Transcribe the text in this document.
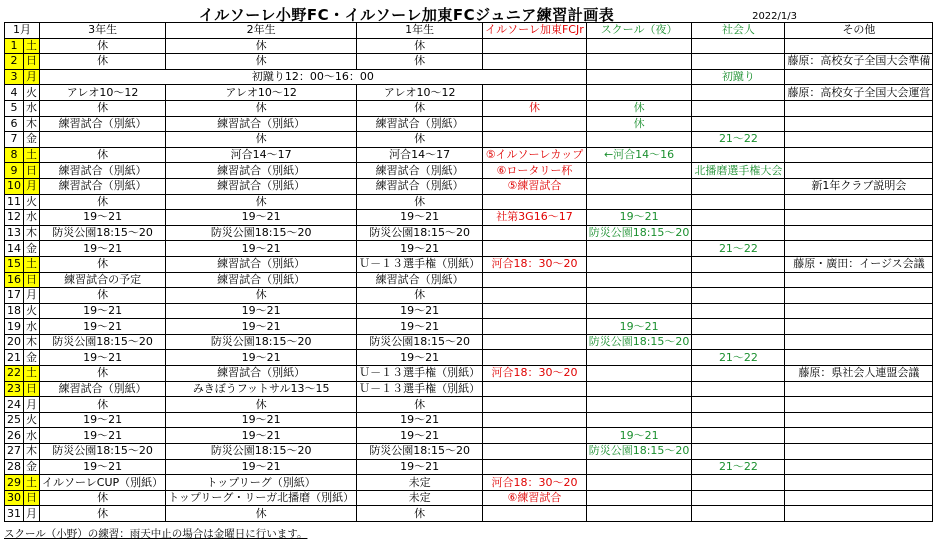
イルソーレ小野FC・イルソーレ加東FCジュニア練習計画表	2022/1/3
1月		3年生	2年生	1年生	イルソーレ加東FCJr	スクール（夜）	社会人	その他
1	土	休	休	休				
2	日	休	休	休				藤原：高校女子全国大会準備
3	月	初蹴り12：00～16：00					初蹴り	
4	火	アレオ10～12	アレオ10～12	アレオ10～12				藤原：高校女子全国大会運営
5	水	休	休	休	休	休		
6	木	練習試合（別紙）	練習試合（別紙）	練習試合（別紙）		休		
7	金		休	休			21～22	
8	土	休	河合14～17	河合14～17	⑤イルソーレカップ	←河合14～16		
9	日	練習試合（別紙）	練習試合（別紙）	練習試合（別紙）	⑥ロータリー杯		北播磨選手権大会	
10	月	練習試合（別紙）	練習試合（別紙）	練習試合（別紙）	⑤練習試合			新1年クラブ説明会
11	火	休	休	休				
12	水	19～21	19～21	19～21	社第3G16～17	19～21		
13	木	防災公園18:15～20	防災公園18:15～20	防災公園18:15～20		防災公園18:15～20		
14	金	19～21	19～21	19～21			21～22	
15	土	休	練習試合（別紙）	Ｕ－１３選手権（別紙）	河合18：30～20			藤原・廣田：イージス会議
16	日	練習試合の予定	練習試合（別紙）	練習試合（別紙）				
17	月	休	休	休				
18	火	19～21	19～21	19～21				
19	水	19～21	19～21	19～21		19～21		
20	木	防災公園18:15～20	防災公園18:15～20	防災公園18:15～20		防災公園18:15～20		
21	金	19～21	19～21	19～21			21～22	
22	土	休	練習試合（別紙）	Ｕ－１３選手権（別紙）	河合18：30～20			藤原：県社会人連盟会議
23	日	練習試合（別紙）	みきぼうフットサル13～15	Ｕ－１３選手権（別紙）				
24	月	休	休	休				
25	火	19～21	19～21	19～21				
26	水	19～21	19～21	19～21		19～21		
27	木	防災公園18:15～20	防災公園18:15～20	防災公園18:15～20		防災公園18:15～20		
28	金	19～21	19～21	19～21			21～22	
29	土	イルソーレCUP（別紙）	トップリーグ（別紙）	未定	河合18：30～20			
30	日	休	トップリーグ・リーガ北播磨（別紙）	未定	⑥練習試合			
31	月	休	休	休				
スクール（小野）の練習：雨天中止の場合は金曜日に行います。
